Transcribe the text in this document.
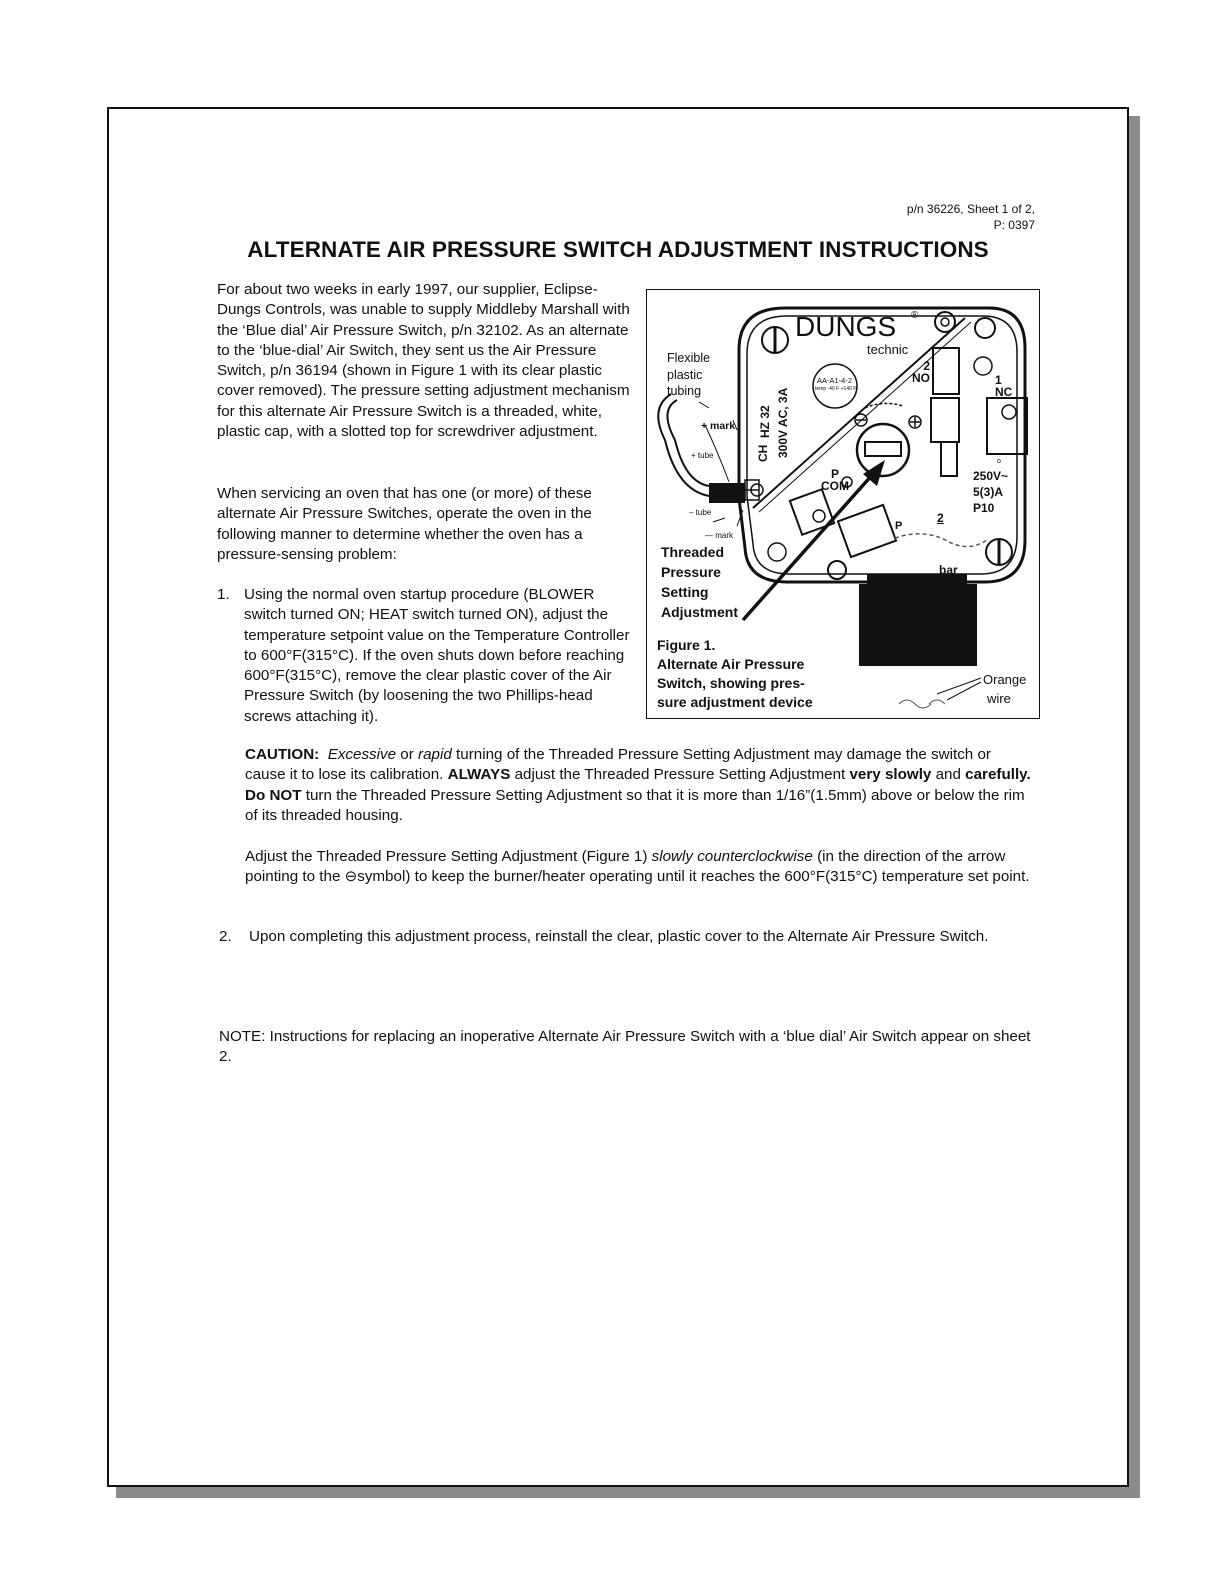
p/n 36226, Sheet 1 of 2,
P: 0397
ALTERNATE AIR PRESSURE SWITCH ADJUSTMENT INSTRUCTIONS

For about two weeks in early 1997, our supplier, Eclipse-Dungs Controls, was unable to supply Middleby Marshall with the ‘Blue dial’ Air Pressure Switch, p/n 32102. As an alternate to the ‘blue-dial’ Air Switch, they sent us the Air Pressure Switch, p/n 36194 (shown in Figure 1 with its clear plastic cover removed). The pressure setting adjustment mechanism for this alternate Air Pressure Switch is a threaded, white, plastic cap, with a slotted top for screwdriver adjustment.

When servicing an oven that has one (or more) of these alternate Air Pressure Switches, operate the oven in the following manner to determine whether the oven has a pressure-sensing problem:

1. Using the normal oven startup procedure (BLOWER switch turned ON; HEAT switch turned ON), adjust the temperature setpoint value on the Temperature Controller to 600°F(315°C). If the oven shuts down before reaching 600°F(315°C), remove the clear plastic cover of the Air Pressure Switch (by loosening the two Phillips-head screws attaching it).
Flexible
plastic
tubing
+ mark
+ tube
– tube
— mark
DUNGS ®
technic
AA-A1-4-2
temp -40 F +140 F
CH
HZ 32 300V AC, 3A
2
NO	1
NC
o
250V~
5(3)A
P10
P
COM
2
P
bar
Threaded
Pressure
Setting
Adjustment
Figure 1.
Alternate Air Pressure
Switch, showing pres-
sure adjustment device
Orange
wire

CAUTION: Excessive or rapid turning of the Threaded Pressure Setting Adjustment may damage the switch or cause it to lose its calibration. ALWAYS adjust the Threaded Pressure Setting Adjustment very slowly and carefully. Do NOT turn the Threaded Pressure Setting Adjustment so that it is more than 1/16”(1.5mm) above or below the rim of its threaded housing.

Adjust the Threaded Pressure Setting Adjustment (Figure 1) slowly counterclockwise (in the direction of the arrow pointing to the ⊖symbol) to keep the burner/heater operating until it reaches the 600°F(315°C) temperature set point.

2. Upon completing this adjustment process, reinstall the clear, plastic cover to the Alternate Air Pressure Switch.

NOTE: Instructions for replacing an inoperative Alternate Air Pressure Switch with a ‘blue dial’ Air Switch appear on sheet 2.
